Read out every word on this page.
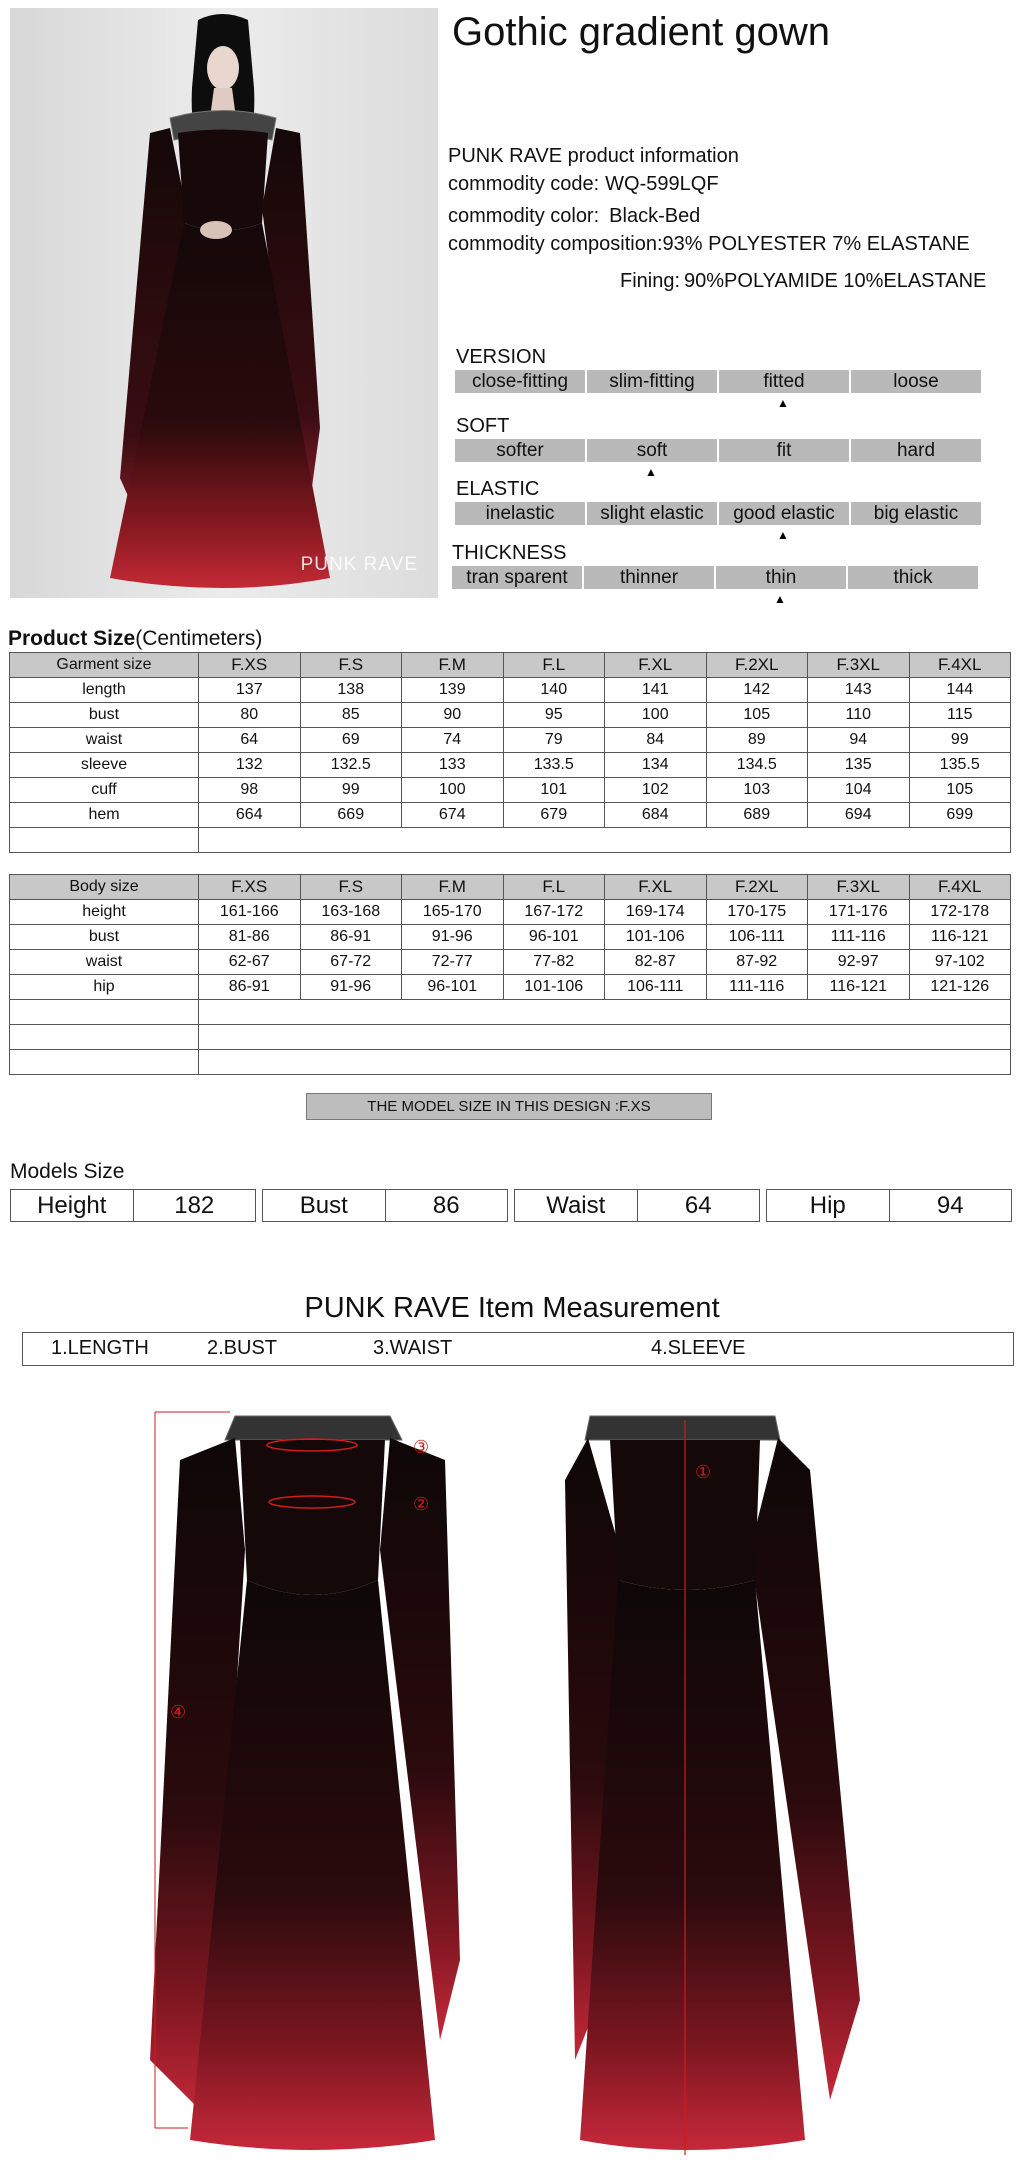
PUNK RAVE
Gothic gradient gown
PUNK RAVE product information
commodity code: WQ-599LQF
commodity color: Black-Bed
commodity composition:93% POLYESTER 7% ELASTANE
Fining: 90%POLYAMIDE 10%ELASTANE
VERSION
close-fitting	slim-fitting	fitted
▲
loose
SOFT
softer	soft
▲
fit	hard
ELASTIC
inelastic	slight elastic	good elastic
▲
big elastic
THICKNESS
tran sparent	thinner	thin
▲
thick
Product Size(Centimeters)
Garment size	F.XS	F.S	F.M	F.L	F.XL	F.2XL	F.3XL	F.4XL
length	137	138	139	140	141	142	143	144
bust	80	85	90	95	100	105	110	115
waist	64	69	74	79	84	89	94	99
sleeve	132	132.5	133	133.5	134	134.5	135	135.5
cuff	98	99	100	101	102	103	104	105
hem	664	669	674	679	684	689	694	699

Body size	F.XS	F.S	F.M	F.L	F.XL	F.2XL	F.3XL	F.4XL
height	161-166	163-168	165-170	167-172	169-174	170-175	171-176	172-178
bust	81-86	86-91	91-96	96-101	101-106	106-111	111-116	116-121
waist	62-67	67-72	72-77	77-82	82-87	87-92	92-97	97-102
hip	86-91	91-96	96-101	101-106	106-111	111-116	116-121	121-126

THE MODEL SIZE IN THIS DESIGN :F.XS
Models Size
Height	182	Bust	86	Waist	64	Hip	94
PUNK RAVE Item Measurement
1.LENGTH	2.BUST	3.WAIST	4.SLEEVE
③
②
④
①
